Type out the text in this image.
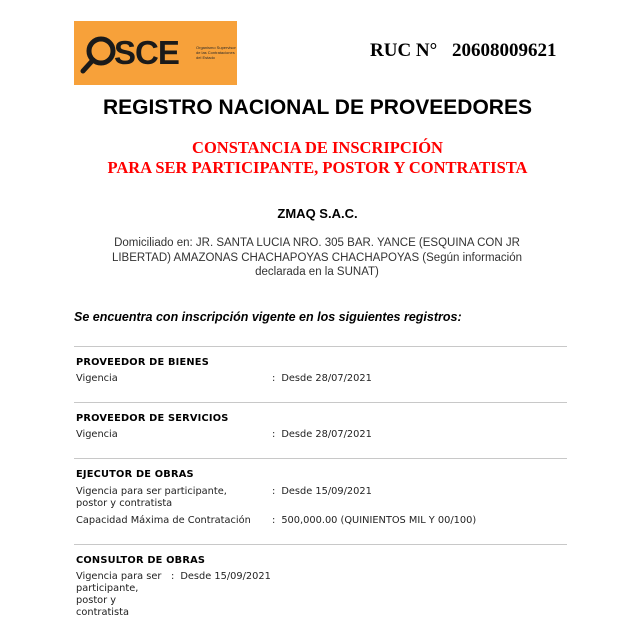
SCE	Organismo Supervisor de las Contrataciones del Estado	RUC N° 20608009621
REGISTRO NACIONAL DE PROVEEDORES
CONSTANCIA DE INSCRIPCIÓN
PARA SER PARTICIPANTE, POSTOR Y CONTRATISTA
ZMAQ S.A.C.
Domiciliado en: JR. SANTA LUCIA NRO. 305 BAR. YANCE (ESQUINA CON JR
LIBERTAD) AMAZONAS CHACHAPOYAS CHACHAPOYAS (Según información
declarada en la SUNAT)
Se encuentra con inscripción vigente en los siguientes registros:
PROVEEDOR DE BIENES
Vigencia	: Desde 28/07/2021
PROVEEDOR DE SERVICIOS
Vigencia	: Desde 28/07/2021
EJECUTOR DE OBRAS
Vigencia para ser participante,
postor y contratista
: Desde 15/09/2021
Capacidad Máxima de Contratación : 500,000.00 (QUINIENTOS MIL Y 00/100)
CONSULTOR DE OBRAS
Vigencia para ser
participante,
postor y
contratista
: Desde 15/09/2021
